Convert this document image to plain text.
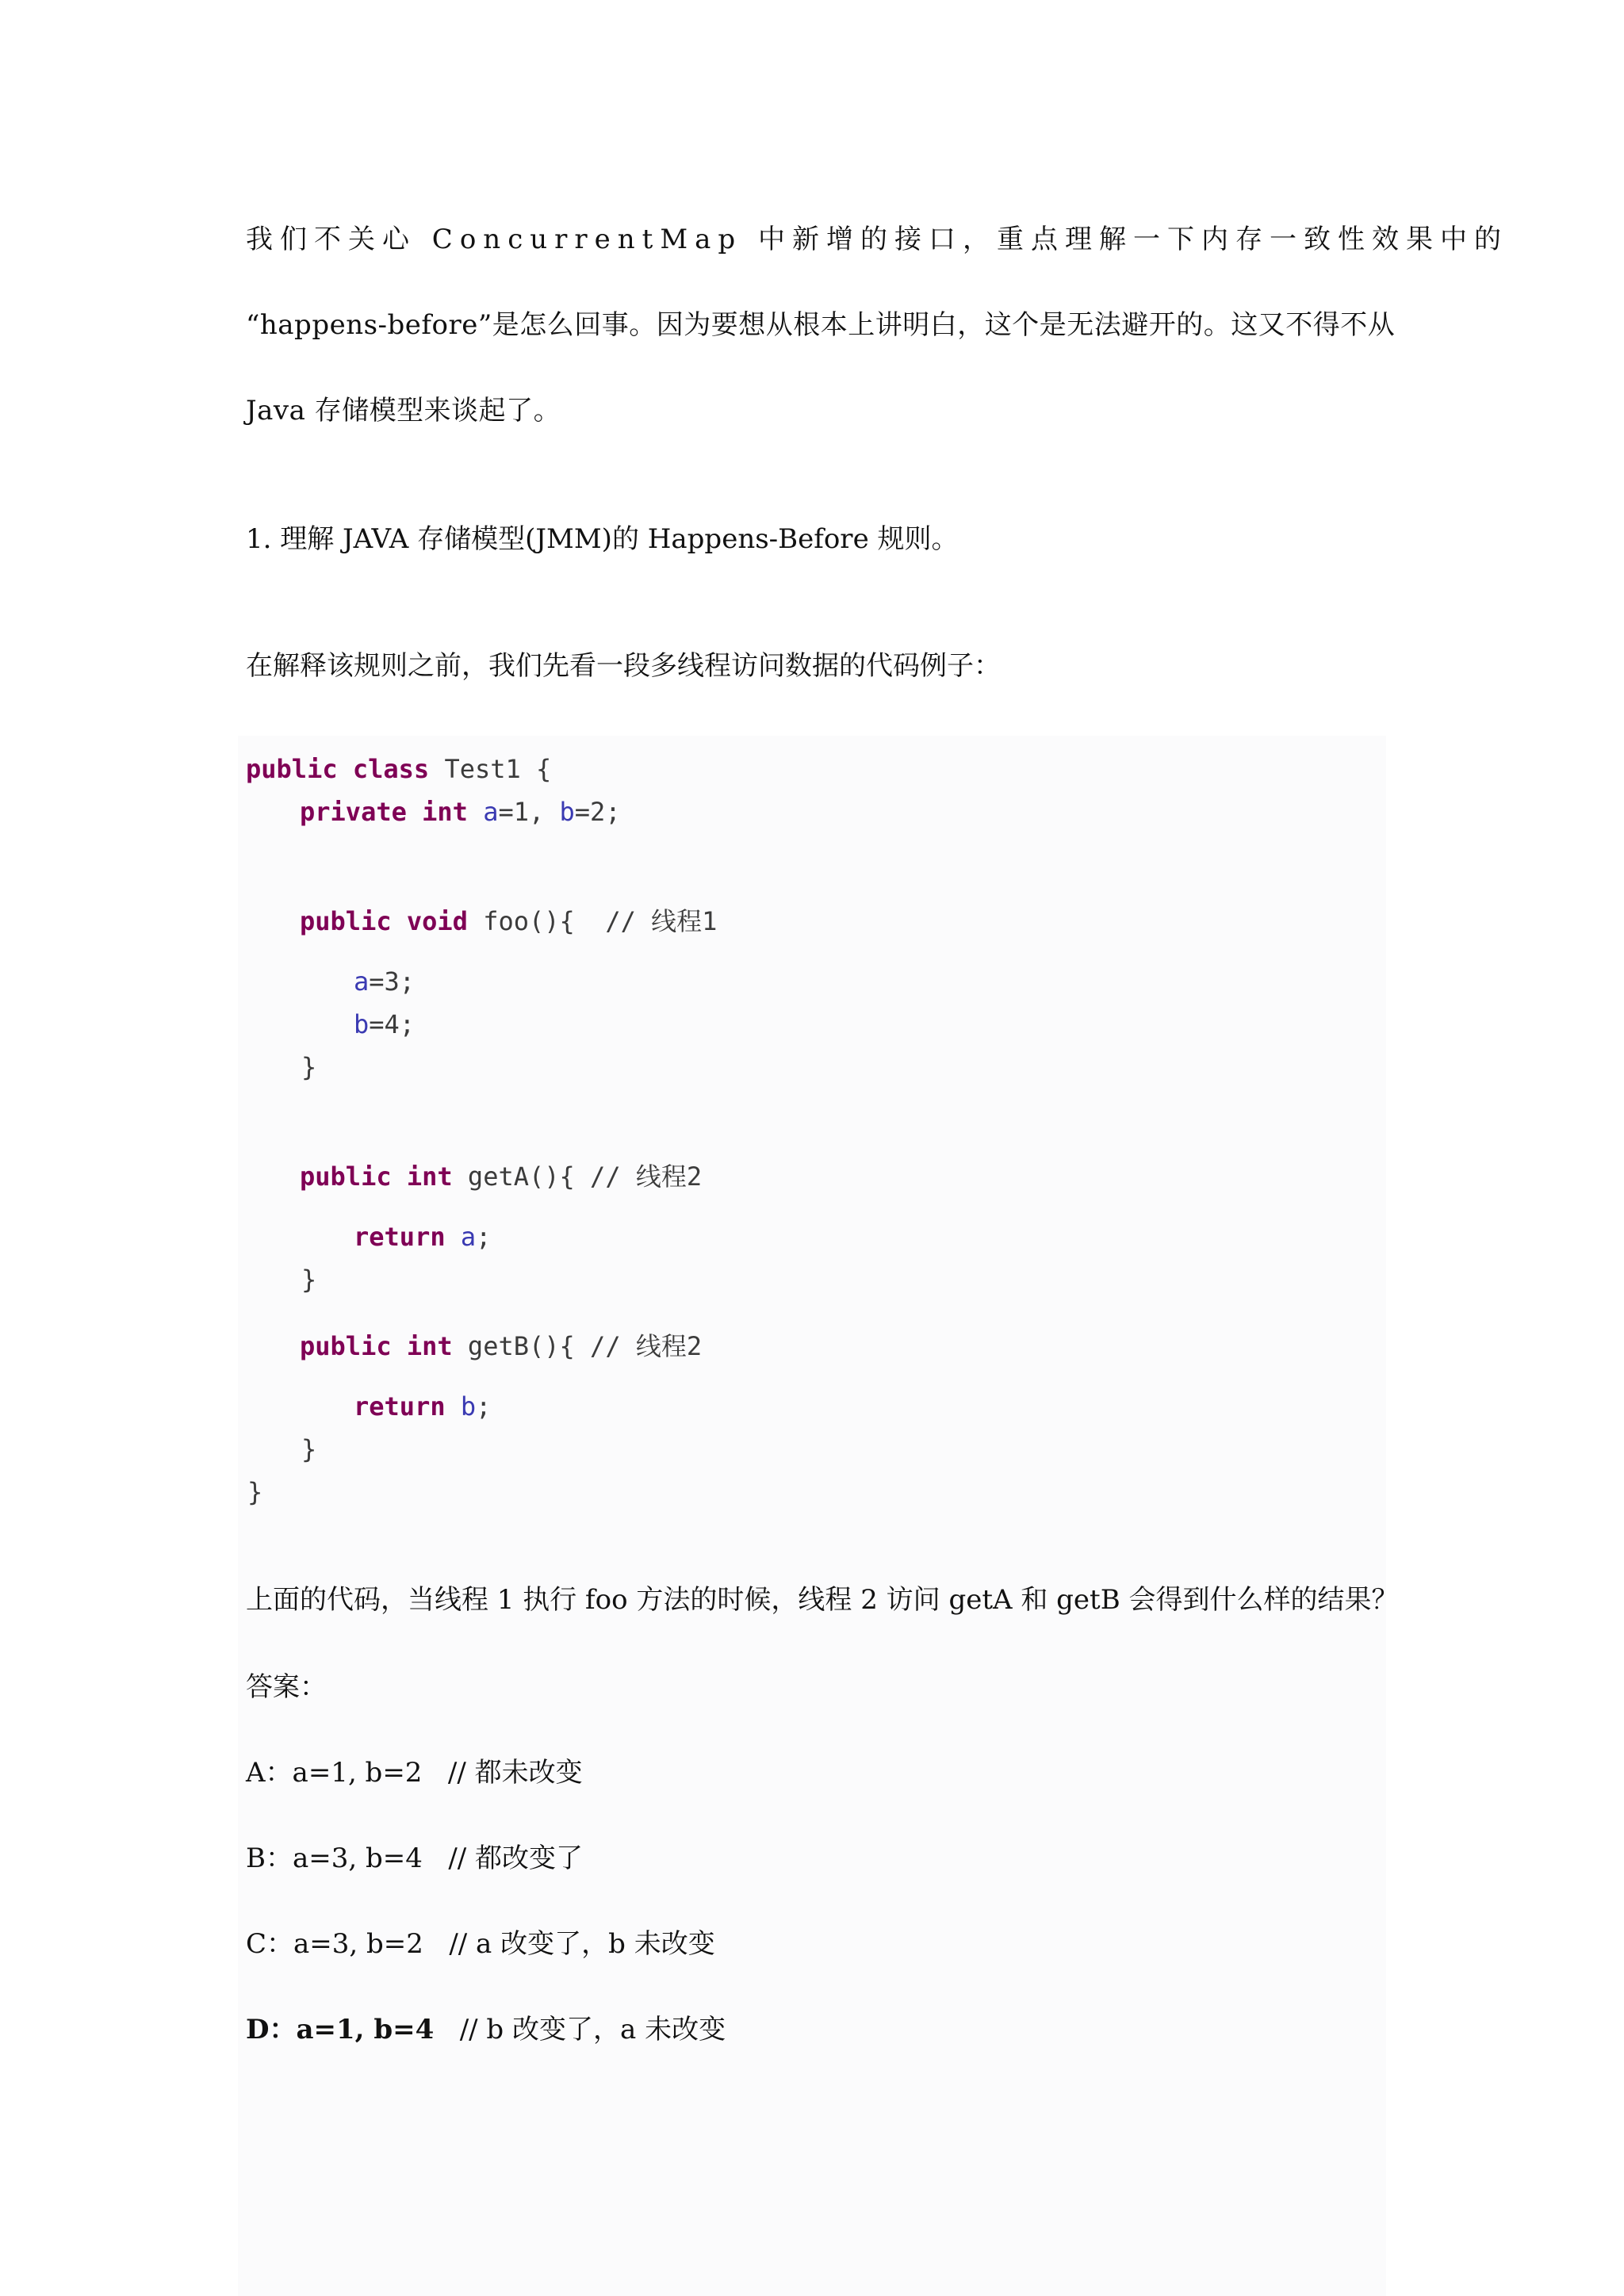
我们不关心 ConcurrentMap 中新增的接口，重点理解一下内存一致性效果中的

“happens-before”是怎么回事。因为要想从根本上讲明白，这个是无法避开的。这又不得不从

Java 存储模型来谈起了。

1. 理解 JAVA 存储模型(JMM)的 Happens-Before 规则。

在解释该规则之前，我们先看一段多线程访问数据的代码例子：

public class Test1 {
private int a=1, b=2;
public void foo(){  // 线程1
a=3;
b=4;
}
public int getA(){ // 线程2
return a;
}
public int getB(){ // 线程2
return b;
}
}

上面的代码，当线程 1 执行 foo 方法的时候，线程 2 访问 getA 和 getB 会得到什么样的结果？

答案：

A：a=1, b=2 // 都未改变

B：a=3, b=4 // 都改变了

C：a=3, b=2 // a 改变了，b 未改变

D：a=1, b=4 // b 改变了，a 未改变
